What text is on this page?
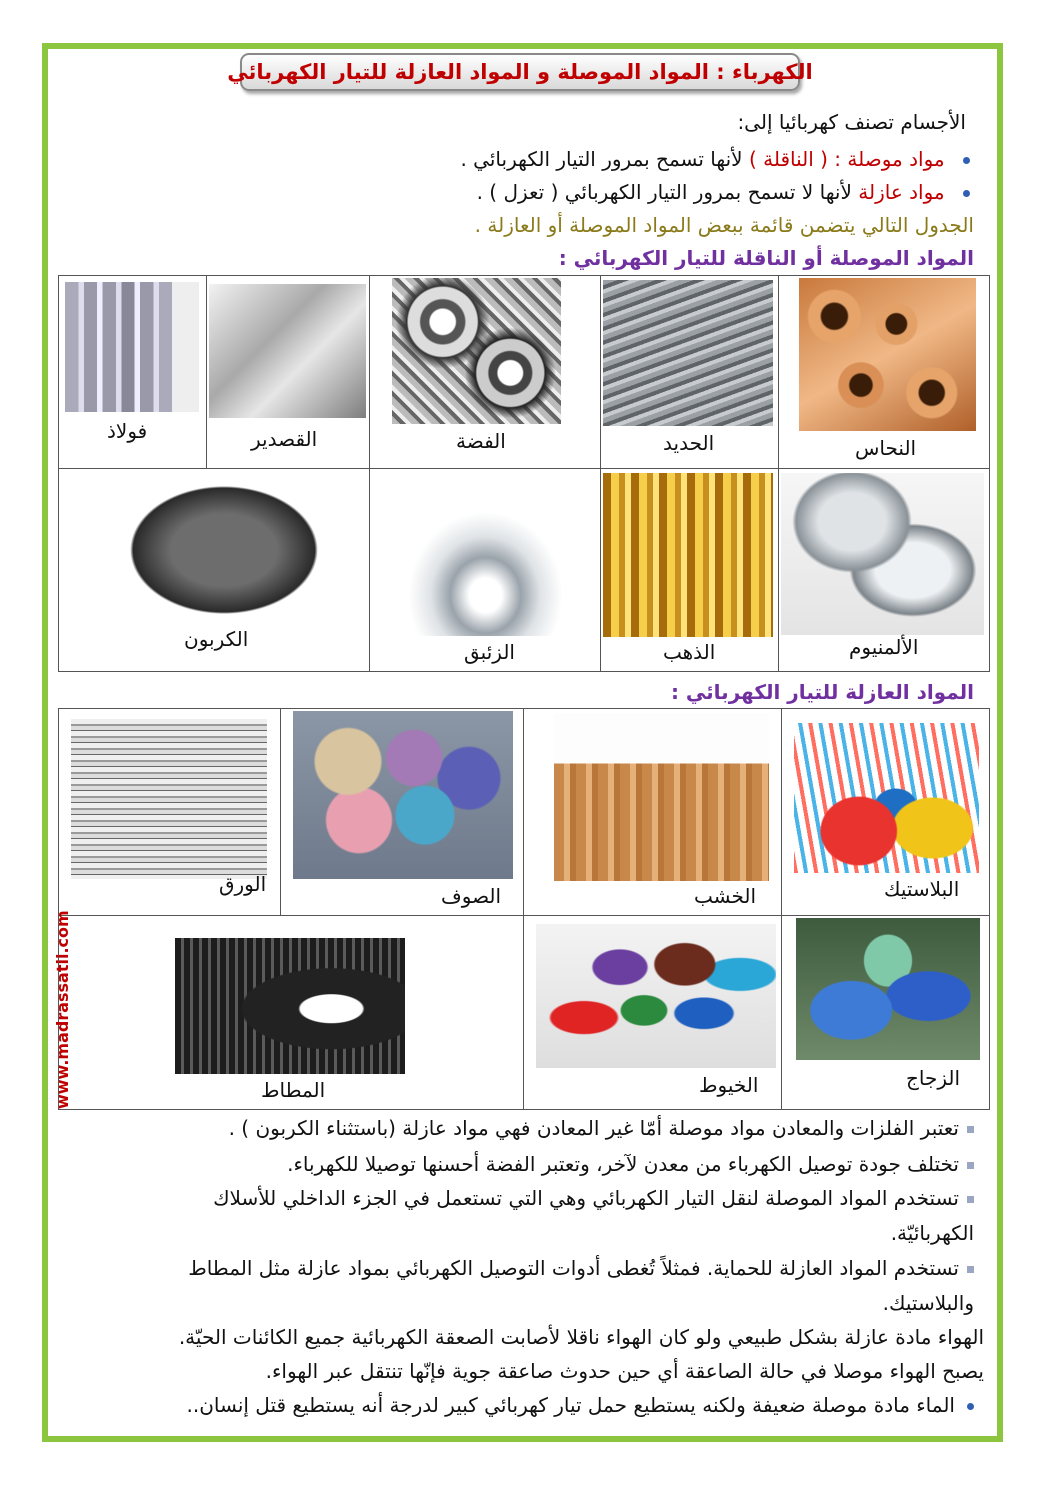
الكهرباء : المواد الموصلة و المواد العازلة للتيار الكهربائي
الأجسام تصنف كهربائيا إلى:
مواد موصلة : ( الناقلة ) لأنها تسمح بمرور التيار الكهربائي .
مواد عازلة لأنها لا تسمح بمرور التيار الكهربائي ( تعزل ) .
الجدول التالي يتضمن قائمة ببعض المواد الموصلة أو العازلة .
المواد الموصلة أو الناقلة للتيار الكهربائي :
فولاذ	القصدير	الفضة	الحديد	النحاس

الكربون		الزئبق	الذهب	الألمنيوم
المواد العازلة للتيار الكهربائي :
الورق	الصوف	الخشب	البلاستيك

المطاط		الخيوط	الزجاج
www.madrassatii.com
تعتبر الفلزات والمعادن مواد موصلة أمّا غير المعادن فهي مواد عازلة (باستثناء الكربون ) .
تختلف جودة توصيل الكهرباء من معدن لآخر، وتعتبر الفضة أحسنها توصيلا للكهرباء.
تستخدم المواد الموصلة لنقل التيار الكهربائي وهي التي تستعمل في الجزء الداخلي للأسلاك
الكهربائيّة.
تستخدم المواد العازلة للحماية. فمثلاً تُغطى أدوات التوصيل الكهربائي بمواد عازلة مثل المطاط
والبلاستيك.
الهواء مادة عازلة بشكل طبيعي ولو كان الهواء ناقلا لأصابت الصعقة الكهربائية جميع الكائنات الحيّة.
يصبح الهواء موصلا في حالة الصاعقة أي حين حدوث صاعقة جوية فإنّها تنتقل عبر الهواء.
الماء مادة موصلة ضعيفة ولكنه يستطيع حمل تيار كهربائي كبير لدرجة أنه يستطيع قتل إنسان..
